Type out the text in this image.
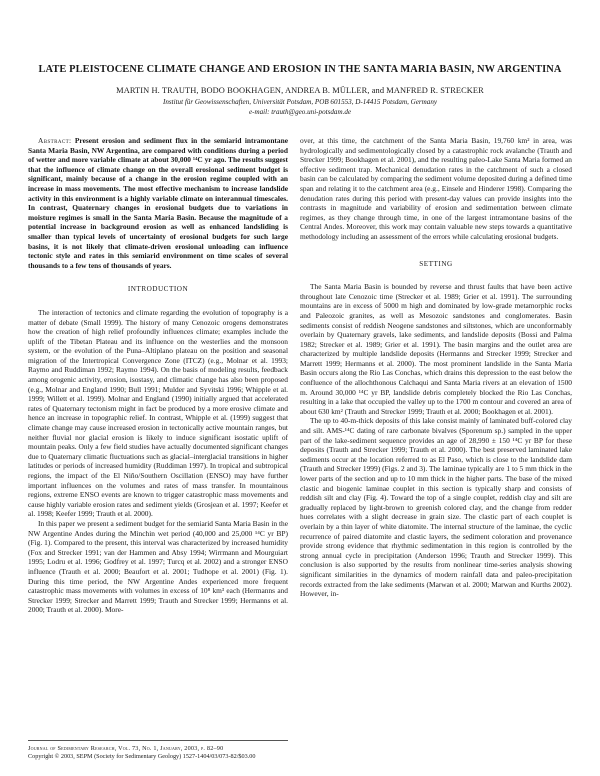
LATE PLEISTOCENE CLIMATE CHANGE AND EROSION IN THE SANTA MARIA BASIN, NW ARGENTINA

MARTIN H. TRAUTH, BODO BOOKHAGEN, ANDREA B. MÜLLER, and MANFRED R. STRECKER

Institut für Geowissenschaften, Universität Potsdam, POB 601553, D-14415 Potsdam, Germany

e-mail: trauth@geo.uni-potsdam.de

Abstract: Present erosion and sediment flux in the semiarid intramontane Santa Maria Basin, NW Argentina, are compared with conditions during a period of wetter and more variable climate at about 30,000 ¹⁴C yr ago. The results suggest that the influence of climate change on the overall erosional sediment budget is significant, mainly because of a change in the erosion regime coupled with an increase in mass movements. The most effective mechanism to increase landslide activity in this environment is a highly variable climate on interannual timescales. In contrast, Quaternary changes in erosional budgets due to variations in moisture regimes is small in the Santa Maria Basin. Because the magnitude of a potential increase in background erosion as well as enhanced landsliding is smaller than typical levels of uncertainty of erosional budgets for such large basins, it is not likely that climate-driven erosional unloading can influence tectonic style and rates in this semiarid environment on time scales of several thousands to a few tens of thousands of years.

INTRODUCTION

The interaction of tectonics and climate regarding the evolution of topography is a matter of debate (Small 1999). The history of many Cenozoic orogens demonstrates how the creation of high relief profoundly influences climate; examples include the uplift of the Tibetan Plateau and its influence on the westerlies and the monsoon system, or the evolution of the Puna–Altiplano plateau on the position and seasonal migration of the Intertropical Convergence Zone (ITCZ) (e.g., Molnar et al. 1993; Raymo and Ruddiman 1992; Raymo 1994). On the basis of modeling results, feedback among orogenic activity, erosion, isostasy, and climatic change has also been proposed (e.g., Molnar and England 1990; Bull 1991; Mulder and Syvitski 1996; Whipple et al. 1999; Willett et al. 1999). Molnar and England (1990) initially argued that accelerated rates of Quaternary tectonism might in fact be produced by a more erosive climate and hence an increase in topographic relief. In contrast, Whipple et al. (1999) suggest that climate change may cause increased erosion in tectonically active mountain ranges, but neither fluvial nor glacial erosion is likely to induce significant isostatic uplift of mountain peaks. Only a few field studies have actually documented significant changes due to Quaternary climatic fluctuations such as glacial–interglacial transitions in higher latitudes or periods of increased humidity (Ruddiman 1997). In tropical and subtropical regions, the impact of the El Niño/Southern Oscillation (ENSO) may have further important influences on the volumes and rates of mass transfer. In mountainous regions, extreme ENSO events are known to trigger catastrophic mass movements and cause highly variable erosion rates and sediment yields (Grosjean et al. 1997; Keefer et al. 1998; Keefer 1999; Trauth et al. 2000).

In this paper we present a sediment budget for the semiarid Santa Maria Basin in the NW Argentine Andes during the Minchin wet period (40,000 and 25,000 ¹⁴C yr BP) (Fig. 1). Compared to the present, this interval was characterized by increased humidity (Fox and Strecker 1991; van der Hammen and Absy 1994; Wirrmann and Mourguiart 1995; Lodru et al. 1996; Godfrey et al. 1997; Turcq et al. 2002) and a stronger ENSO influence (Trauth et al. 2000; Beaufort et al. 2001; Tudhope et al. 2001) (Fig. 1). During this time period, the NW Argentine Andes experienced more frequent catastrophic mass movements with volumes in excess of 10⁸ km³ each (Hermanns and Strecker 1999; Strecker and Marrett 1999; Trauth and Strecker 1999; Hermanns et al. 2000; Trauth et al. 2000). More-

over, at this time, the catchment of the Santa Maria Basin, 19,760 km² in area, was hydrologically and sedimentologically closed by a catastrophic rock avalanche (Trauth and Strecker 1999; Bookhagen et al. 2001), and the resulting paleo-Lake Santa Maria formed an effective sediment trap. Mechanical denudation rates in the catchment of such a closed basin can be calculated by comparing the sediment volume deposited during a defined time span and relating it to the catchment area (e.g., Einsele and Hinderer 1998). Comparing the denudation rates during this period with present-day values can provide insights into the contrasts in magnitude and variability of erosion and sedimentation between climate regimes, as they change through time, in one of the largest intramontane basins of the Central Andes. Moreover, this work may contain valuable new steps towards a quantitative methodology including an assessment of the errors while calculating erosional budgets.

SETTING

The Santa Maria Basin is bounded by reverse and thrust faults that have been active throughout late Cenozoic time (Strecker et al. 1989; Grier et al. 1991). The surrounding mountains are in excess of 5000 m high and dominated by low-grade metamorphic rocks and Paleozoic granites, as well as Mesozoic sandstones and conglomerates. Basin sediments consist of reddish Neogene sandstones and siltstones, which are unconformably overlain by Quaternary gravels, lake sediments, and landslide deposits (Bossi and Palma 1982; Strecker et al. 1989; Grier et al. 1991). The basin margins and the outlet area are characterized by multiple landslide deposits (Hermanns and Strecker 1999; Strecker and Marrett 1999; Hermanns et al. 2000). The most prominent landslide in the Santa Maria Basin occurs along the Rio Las Conchas, which drains this depression to the east below the confluence of the allochthonous Calchaqui and Santa Maria rivers at an elevation of 1500 m. Around 30,000 ¹⁴C yr BP, landslide debris completely blocked the Rio Las Conchas, resulting in a lake that occupied the valley up to the 1700 m contour and covered an area of about 630 km² (Trauth and Strecker 1999; Trauth et al. 2000; Bookhagen et al. 2001).

The up to 40-m-thick deposits of this lake consist mainly of laminated buff-colored clay and silt. AMS-¹⁴C dating of rare carbonate bivalves (Sporenum sp.) sampled in the upper part of the lake-sediment sequence provides an age of 28,990 ± 150 ¹⁴C yr BP for these deposits (Trauth and Strecker 1999; Trauth et al. 2000). The best preserved laminated lake sediments occur at the location referred to as El Paso, which is close to the landslide dam (Trauth and Strecker 1999) (Figs. 2 and 3). The laminae typically are 1 to 5 mm thick in the lower parts of the section and up to 10 mm thick in the higher parts. The base of the mixed clastic and biogenic laminae couplet in this section is typically sharp and consists of reddish silt and clay (Fig. 4). Toward the top of a single couplet, reddish clay and silt are gradually replaced by light-brown to greenish colored clay, and the change from redder hues correlates with a slight decrease in grain size. The clastic part of each couplet is overlain by a thin layer of white diatomite. The internal structure of the laminae, the cyclic recurrence of paired diatomite and clastic layers, the sediment coloration and provenance provide strong evidence that rhythmic sedimentation in this region is controlled by the strong annual cycle in precipitation (Anderson 1996; Trauth and Strecker 1999). This conclusion is also supported by the results from nonlinear time-series analysis showing significant similarities in the dynamics of modern rainfall data and paleo-precipitation records extracted from the lake sediments (Marwan et al. 2000; Marwan and Kurths 2002). However, in-

Journal of Sedimentary Research, Vol. 73, No. 1, January, 2003, p. 82–90
Copyright © 2003, SEPM (Society for Sedimentary Geology) 1527-1404/03/073-82/$03.00
